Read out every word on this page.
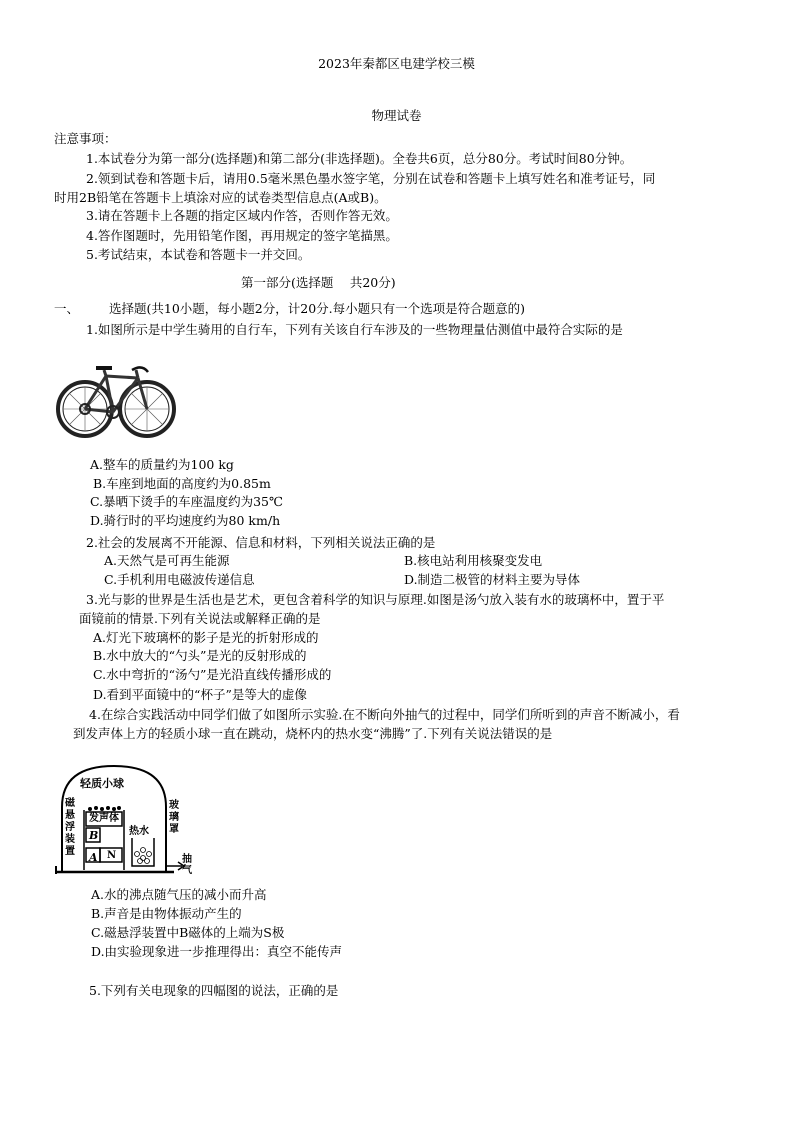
2023年秦都区电建学校三模
物理试卷
注意事项：
1.本试卷分为第一部分(选择题)和第二部分(非选择题)。全卷共6页，总分80分。考试时间80分钟。
2.领到试卷和答题卡后，请用0.5毫米黑色墨水签字笔，分别在试卷和答题卡上填写姓名和准考证号，同
时用2B铅笔在答题卡上填涂对应的试卷类型信息点(A或B)。
3.请在答题卡上各题的指定区域内作答，否则作答无效。
4.答作图题时，先用铅笔作图，再用规定的签字笔描黑。
5.考试结束，本试卷和答题卡一并交回。
第一部分(选择题　 共20分)
一、 选择题(共10小题，每小题2分，计20分.每小题只有一个选项是符合题意的)
1.如图所示是中学生骑用的自行车，下列有关该自行车涉及的一些物理量估测值中最符合实际的是
A.整车的质量约为100 kg
B.车座到地面的高度约为0.85m
C.暴晒下烫手的车座温度约为35℃
D.骑行时的平均速度约为80 km/h
2.社会的发展离不开能源、信息和材料，下列相关说法正确的是
A.天然气是可再生能源	B.核电站利用核聚变发电
C.手机利用电磁波传递信息	D.制造二极管的材料主要为导体
3.光与影的世界是生活也是艺术，更包含着科学的知识与原理.如图是汤勺放入装有水的玻璃杯中，置于平
面镜前的情景.下列有关说法或解释正确的是
A.灯光下玻璃杯的影子是光的折射形成的
B.水中放大的“勺头”是光的反射形成的
C.水中弯折的“汤勺”是光沿直线传播形成的
D.看到平面镜中的“杯子”是等大的虚像
4.在综合实践活动中同学们做了如图所示实验.在不断向外抽气的过程中，同学们所听到的声音不断减小，看
到发声体上方的轻质小球一直在跳动，烧杯内的热水变“沸腾”了.下列有关说法错误的是
轻质小球
发声体
热水
B
A N
磁
悬
浮
装
置
玻
璃
罩
抽
气
A.水的沸点随气压的减小而升高
B.声音是由物体振动产生的
C.磁悬浮装置中B磁体的上端为S极
D.由实验现象进一步推理得出：真空不能传声
5.下列有关电现象的四幅图的说法，正确的是
